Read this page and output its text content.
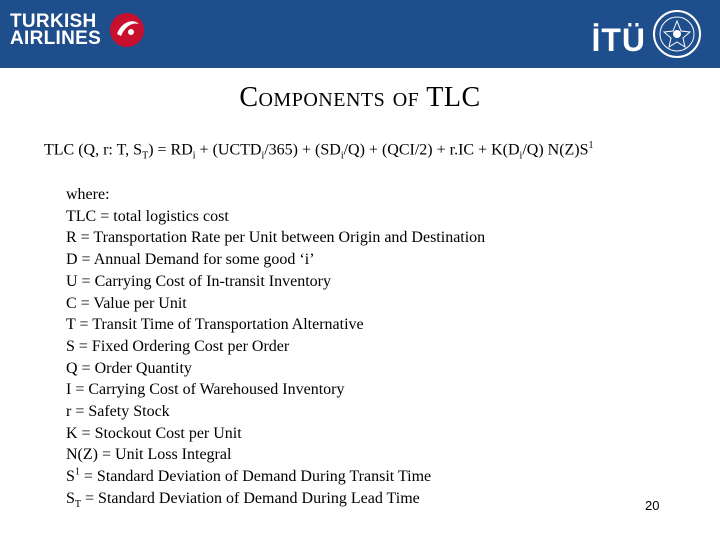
TURKISH
AIRLINES	İTÜ
Components of TLC
TLC (Q, r: T, $S_T) = RD_i$ + $(UCTD_i/365) + (SD_i/Q) + (QCI/2) + r.IC + K(D_i/Q)$ $N(Z)S^1$
where:
TLC = total logistics cost
R = Transportation Rate per Unit between Origin and Destination
D = Annual Demand for some good ‘i’
U = Carrying Cost of In-transit Inventory
C = Value per Unit
T = Transit Time of Transportation Alternative
S = Fixed Ordering Cost per Order
Q = Order Quantity
I = Carrying Cost of Warehoused Inventory
r = Safety Stock
K = Stockout Cost per Unit
N(Z) = Unit Loss Integral
$S^1$ = Standard Deviation of Demand During Transit Time
$S_T$ = Standard Deviation of Demand During Lead Time	20
